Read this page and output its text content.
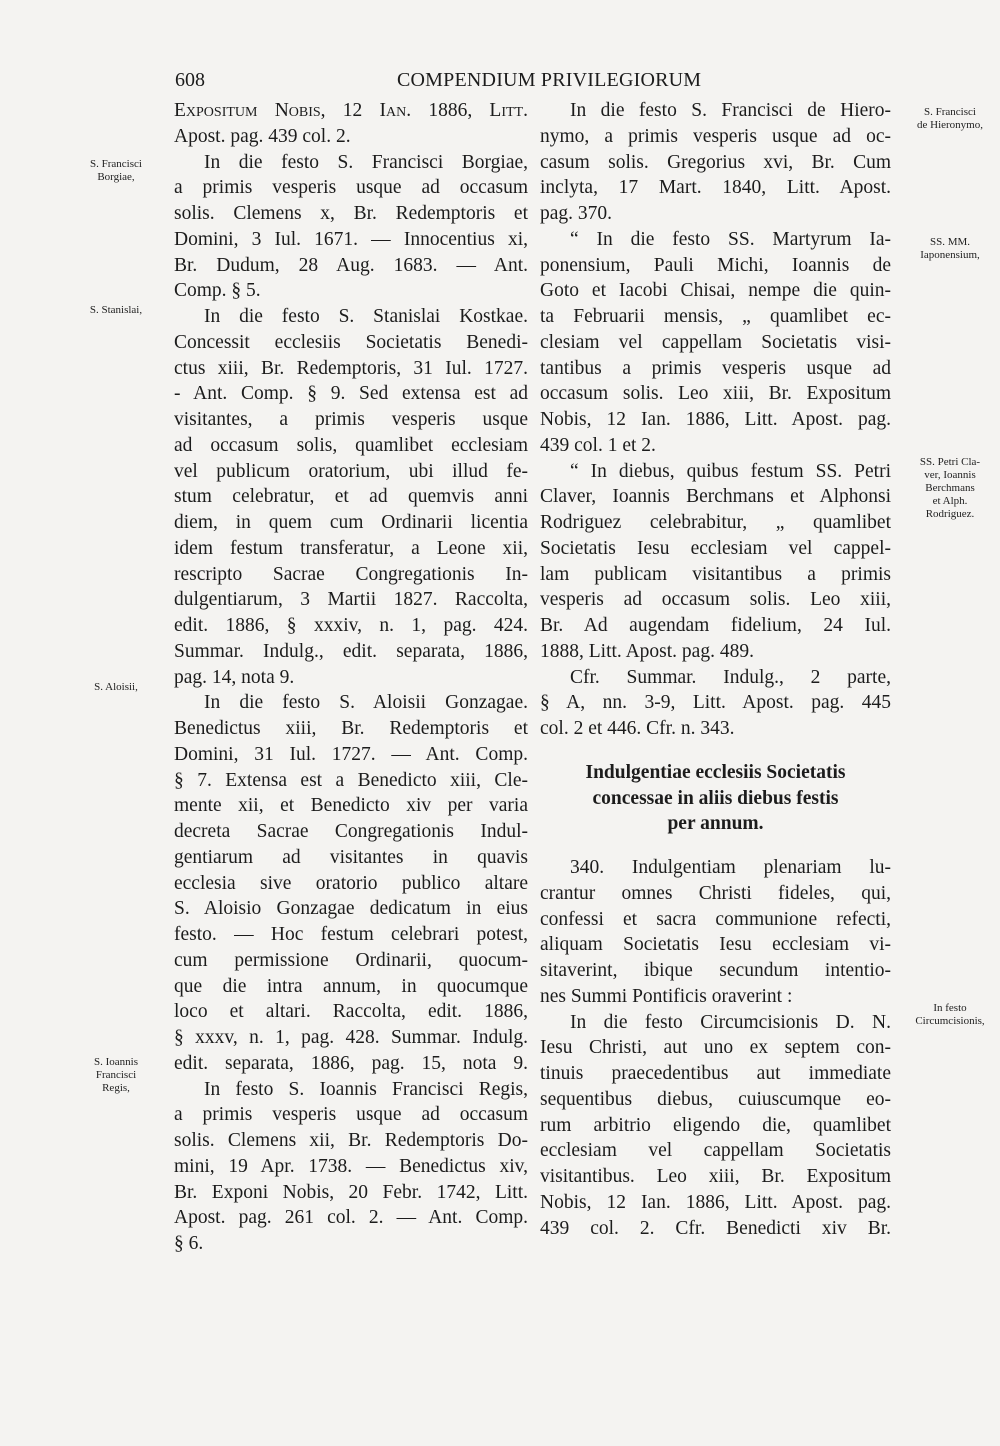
608	COMPENDIUM PRIVILEGIORUM
S. Francisci
Borgiae,
S. Stanislai,
S. Aloisii,
S. Ioannis
Francisci
Regis,
S. Francisci
de Hieronymo,
SS. MM.
Iaponensium,
SS. Petri Cla-
ver, Ioannis
Berchmans
et Alph.
Rodriguez.
In festo
Circumcisionis,
Expositum Nobis, 12 Ian. 1886, Litt.
Apost. pag. 439 col. 2.
In die festo S. Francisci Borgiae,
a primis vesperis usque ad occasum
solis. Clemens x, Br. Redemptoris et
Domini, 3 Iul. 1671. — Innocentius xi,
Br. Dudum, 28 Aug. 1683. — Ant.
Comp. § 5.
In die festo S. Stanislai Kostkae.
Concessit ecclesiis Societatis Benedi-
ctus xiii, Br. Redemptoris, 31 Iul. 1727.
- Ant. Comp. § 9. Sed extensa est ad
visitantes, a primis vesperis usque
ad occasum solis, quamlibet ecclesiam
vel publicum oratorium, ubi illud fe-
stum celebratur, et ad quemvis anni
diem, in quem cum Ordinarii licentia
idem festum transferatur, a Leone xii,
rescripto Sacrae Congregationis In-
dulgentiarum, 3 Martii 1827. Raccolta,
edit. 1886, § xxxiv, n. 1, pag. 424.
Summar. Indulg., edit. separata, 1886,
pag. 14, nota 9.
In die festo S. Aloisii Gonzagae.
Benedictus xiii, Br. Redemptoris et
Domini, 31 Iul. 1727. — Ant. Comp.
§ 7. Extensa est a Benedicto xiii, Cle-
mente xii, et Benedicto xiv per varia
decreta Sacrae Congregationis Indul-
gentiarum ad visitantes in quavis
ecclesia sive oratorio publico altare
S. Aloisio Gonzagae dedicatum in eius
festo. — Hoc festum celebrari potest,
cum permissione Ordinarii, quocum-
que die intra annum, in quocumque
loco et altari. Raccolta, edit. 1886,
§ xxxv, n. 1, pag. 428. Summar. Indulg.
edit. separata, 1886, pag. 15, nota 9.
In festo S. Ioannis Francisci Regis,
a primis vesperis usque ad occasum
solis. Clemens xii, Br. Redemptoris Do-
mini, 19 Apr. 1738. — Benedictus xiv,
Br. Exponi Nobis, 20 Febr. 1742, Litt.
Apost. pag. 261 col. 2. — Ant. Comp.
§ 6.
In die festo S. Francisci de Hiero-
nymo, a primis vesperis usque ad oc-
casum solis. Gregorius xvi, Br. Cum
inclyta, 17 Mart. 1840, Litt. Apost.
pag. 370.
“ In die festo SS. Martyrum Ia-
ponensium, Pauli Michi, Ioannis de
Goto et Iacobi Chisai, nempe die quin-
ta Februarii mensis, „ quamlibet ec-
clesiam vel cappellam Societatis visi-
tantibus a primis vesperis usque ad
occasum solis. Leo xiii, Br. Expositum
Nobis, 12 Ian. 1886, Litt. Apost. pag.
439 col. 1 et 2.
“ In diebus, quibus festum SS. Petri
Claver, Ioannis Berchmans et Alphonsi
Rodriguez celebrabitur, „ quamlibet
Societatis Iesu ecclesiam vel cappel-
lam publicam visitantibus a primis
vesperis ad occasum solis. Leo xiii,
Br. Ad augendam fidelium, 24 Iul.
1888, Litt. Apost. pag. 489.
Cfr. Summar. Indulg., 2 parte,
§ A, nn. 3-9, Litt. Apost. pag. 445
col. 2 et 446. Cfr. n. 343.
Indulgentiae ecclesiis Societatis
concessae in aliis diebus festis
per annum.
340. Indulgentiam plenariam lu-
crantur omnes Christi fideles, qui,
confessi et sacra communione refecti,
aliquam Societatis Iesu ecclesiam vi-
sitaverint, ibique secundum intentio-
nes Summi Pontificis oraverint :
In die festo Circumcisionis D. N.
Iesu Christi, aut uno ex septem con-
tinuis praecedentibus aut immediate
sequentibus diebus, cuiuscumque eo-
rum arbitrio eligendo die, quamlibet
ecclesiam vel cappellam Societatis
visitantibus. Leo xiii, Br. Expositum
Nobis, 12 Ian. 1886, Litt. Apost. pag.
439 col. 2. Cfr. Benedicti xiv Br.
